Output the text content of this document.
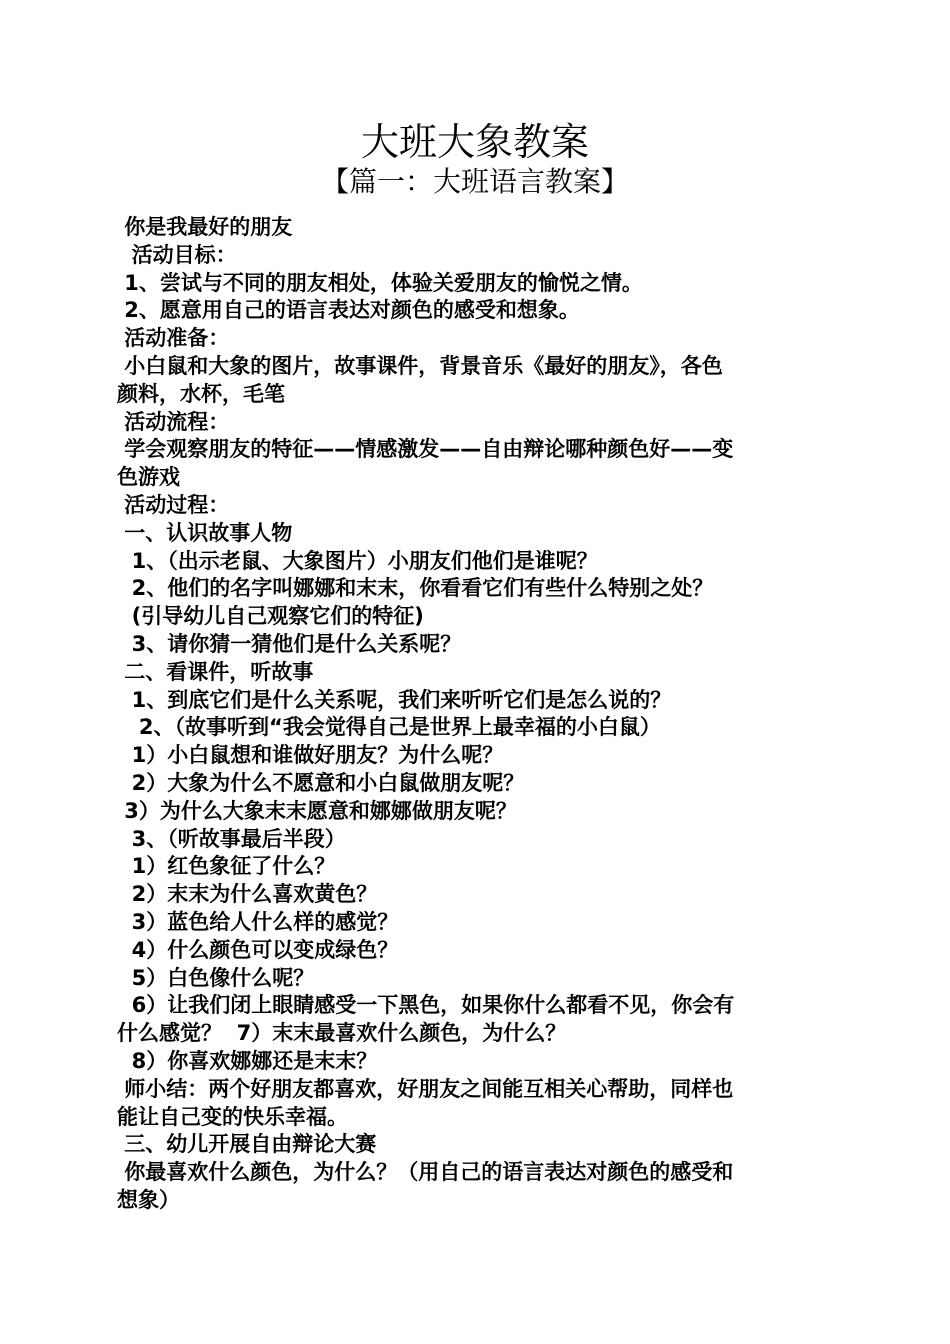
大班大象教案
【篇一：大班语言教案】
你是我最好的朋友
活动目标：
1、尝试与不同的朋友相处，体验关爱朋友的愉悦之情。
2、愿意用自己的语言表达对颜色的感受和想象。
活动准备：
小白鼠和大象的图片，故事课件，背景音乐《最好的朋友》，各色
颜料，水杯，毛笔
活动流程：
学会观察朋友的特征——情感激发——自由辩论哪种颜色好——变
色游戏
活动过程：
一、认识故事人物
1、（出示老鼠、大象图片）小朋友们他们是谁呢？
2、他们的名字叫娜娜和末末，你看看它们有些什么特别之处？
(引导幼儿自己观察它们的特征)
3、请你猜一猜他们是什么关系呢？
二、看课件，听故事
1、到底它们是什么关系呢，我们来听听它们是怎么说的？
2、（故事听到“我会觉得自己是世界上最幸福的小白鼠）
1）小白鼠想和谁做好朋友？为什么呢？
2）大象为什么不愿意和小白鼠做朋友呢？
3）为什么大象末末愿意和娜娜做朋友呢？
3、（听故事最后半段）
1）红色象征了什么？
2）末末为什么喜欢黄色？
3）蓝色给人什么样的感觉？
4）什么颜色可以变成绿色？
5）白色像什么呢？
6）让我们闭上眼睛感受一下黑色，如果你什么都看不见，你会有
什么感觉？  7）末末最喜欢什么颜色，为什么？
8）你喜欢娜娜还是末末？
师小结：两个好朋友都喜欢，好朋友之间能互相关心帮助，同样也
能让自己变的快乐幸福。
三、幼儿开展自由辩论大赛
你最喜欢什么颜色，为什么？（用自己的语言表达对颜色的感受和
想象）
